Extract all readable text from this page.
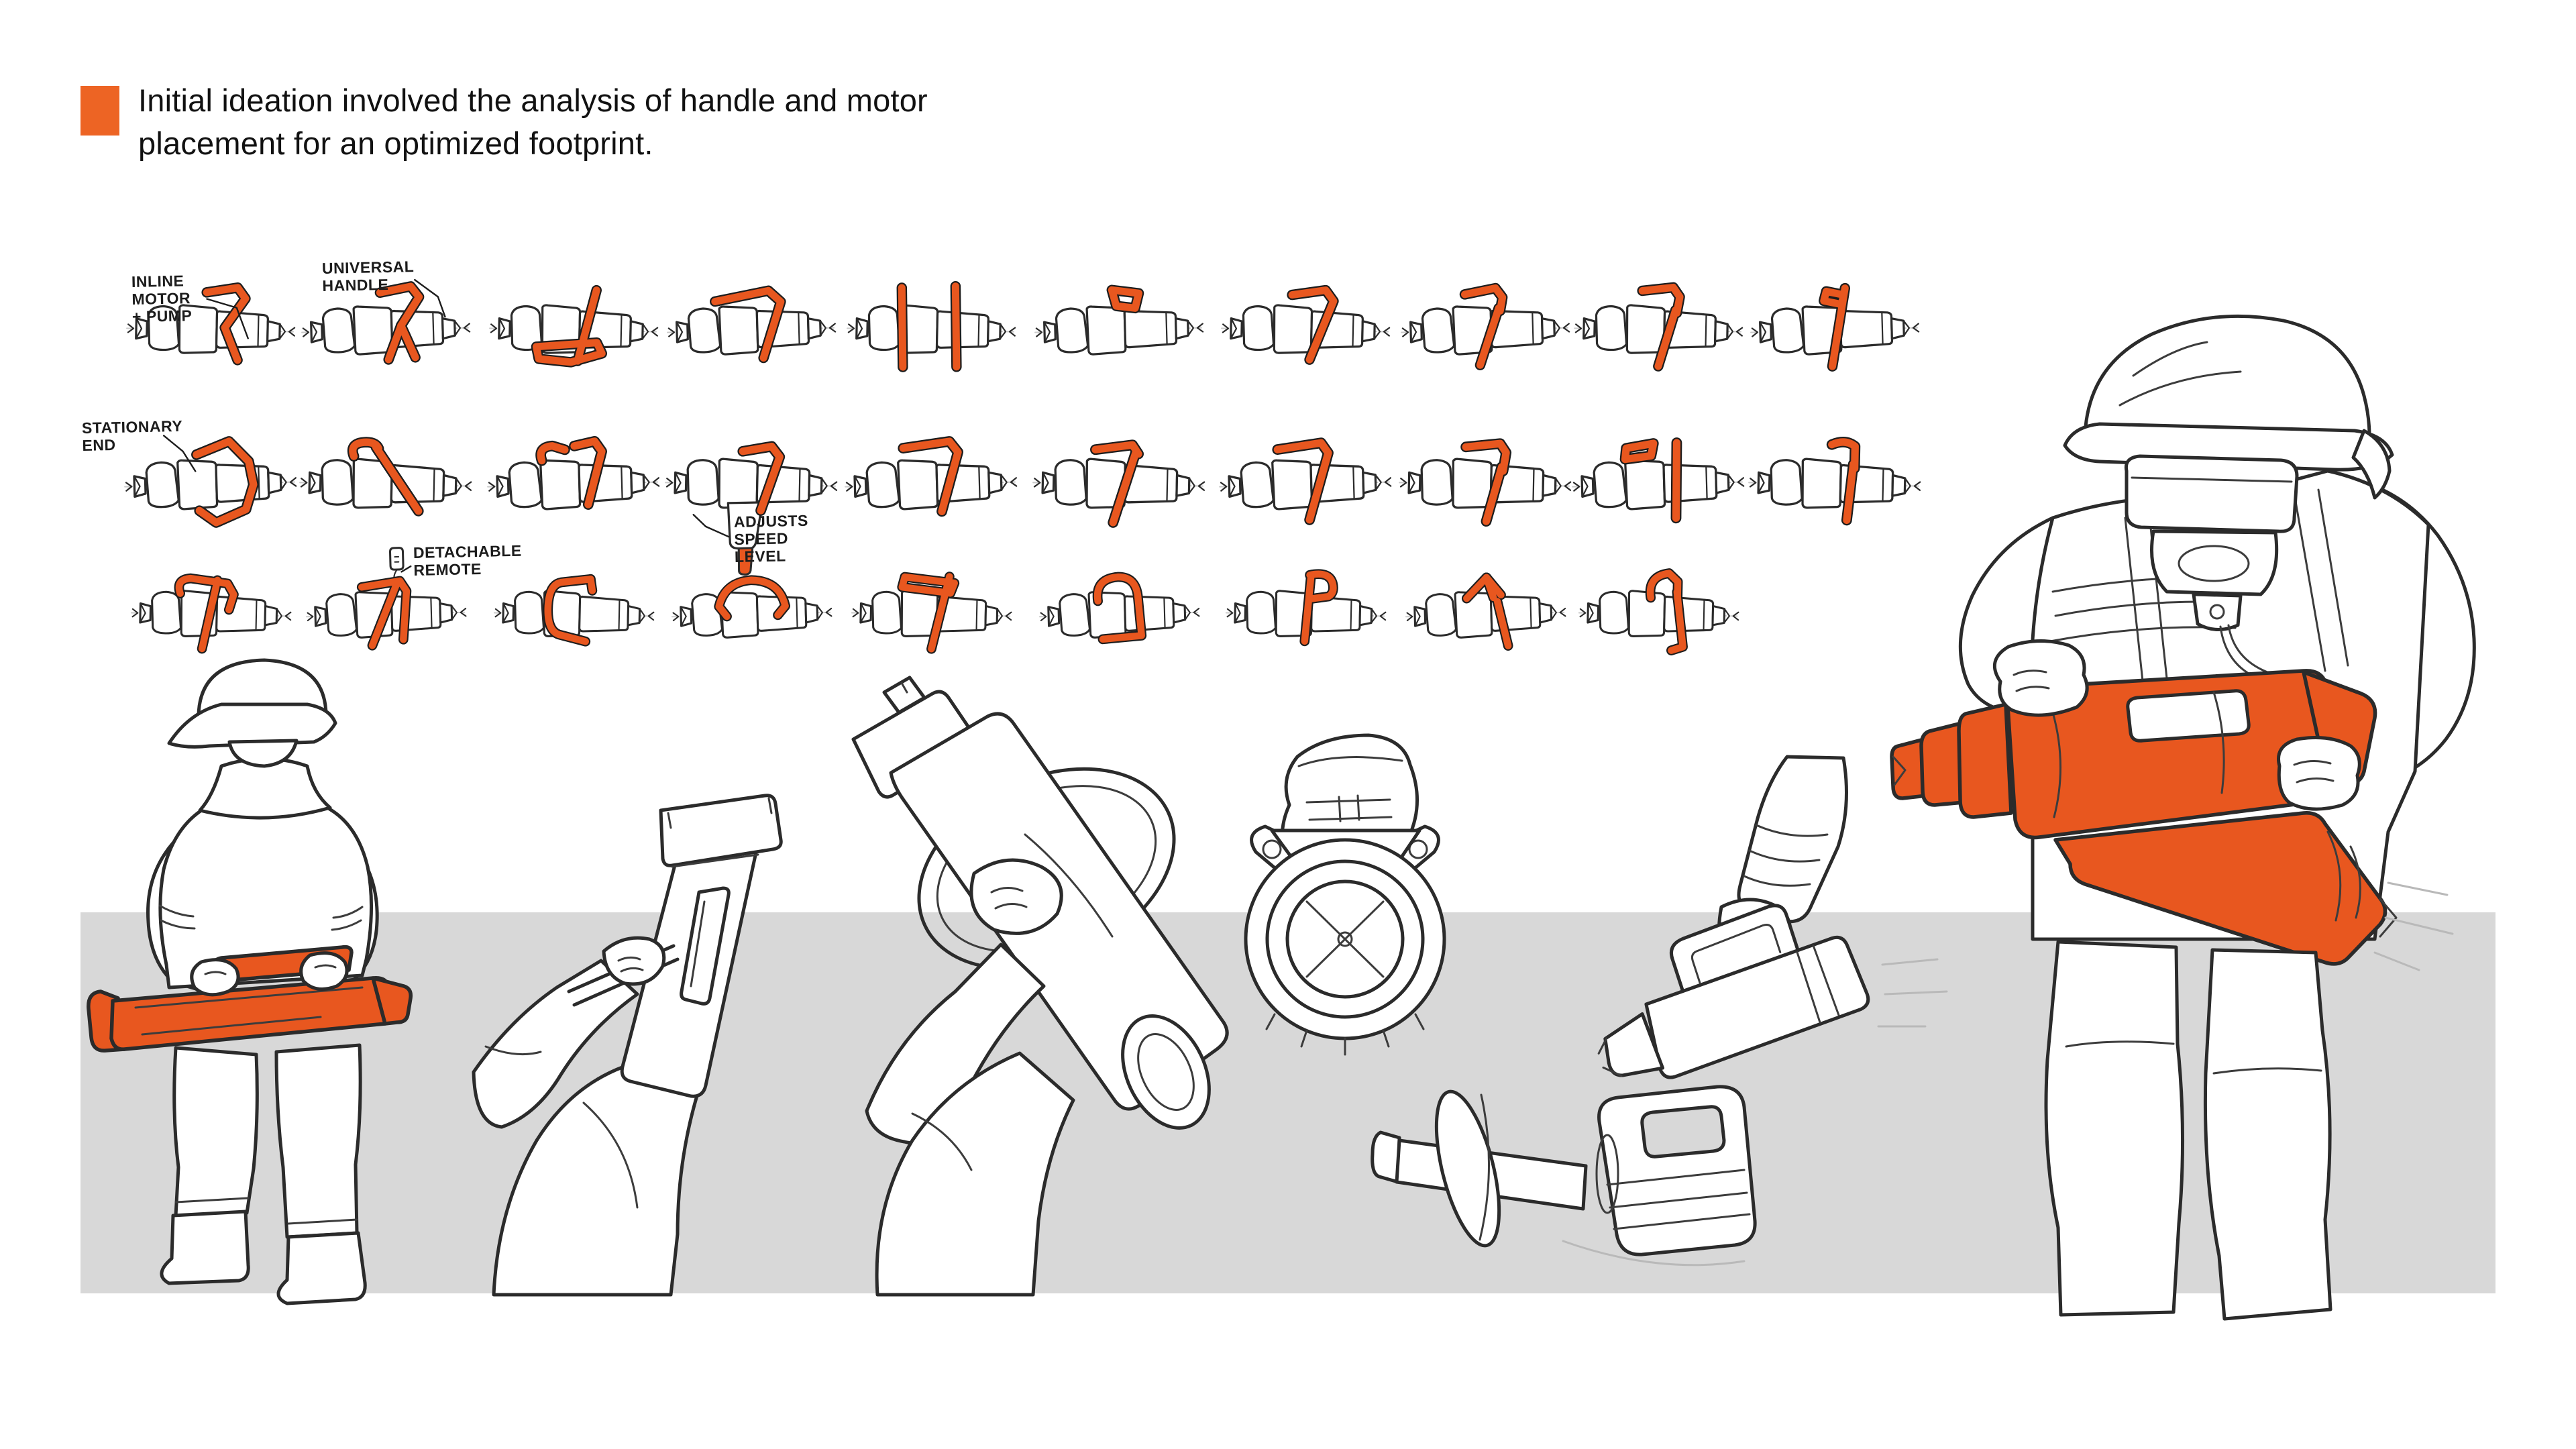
INLINE
MOTOR
+ PUMP
UNIVERSAL
HANDLE
STATIONARY
END
ADJUSTS
SPEED
LEVEL
DETACHABLE
REMOTE

Initial ideation involved the analysis of handle and motor placement for an optimized footprint.
